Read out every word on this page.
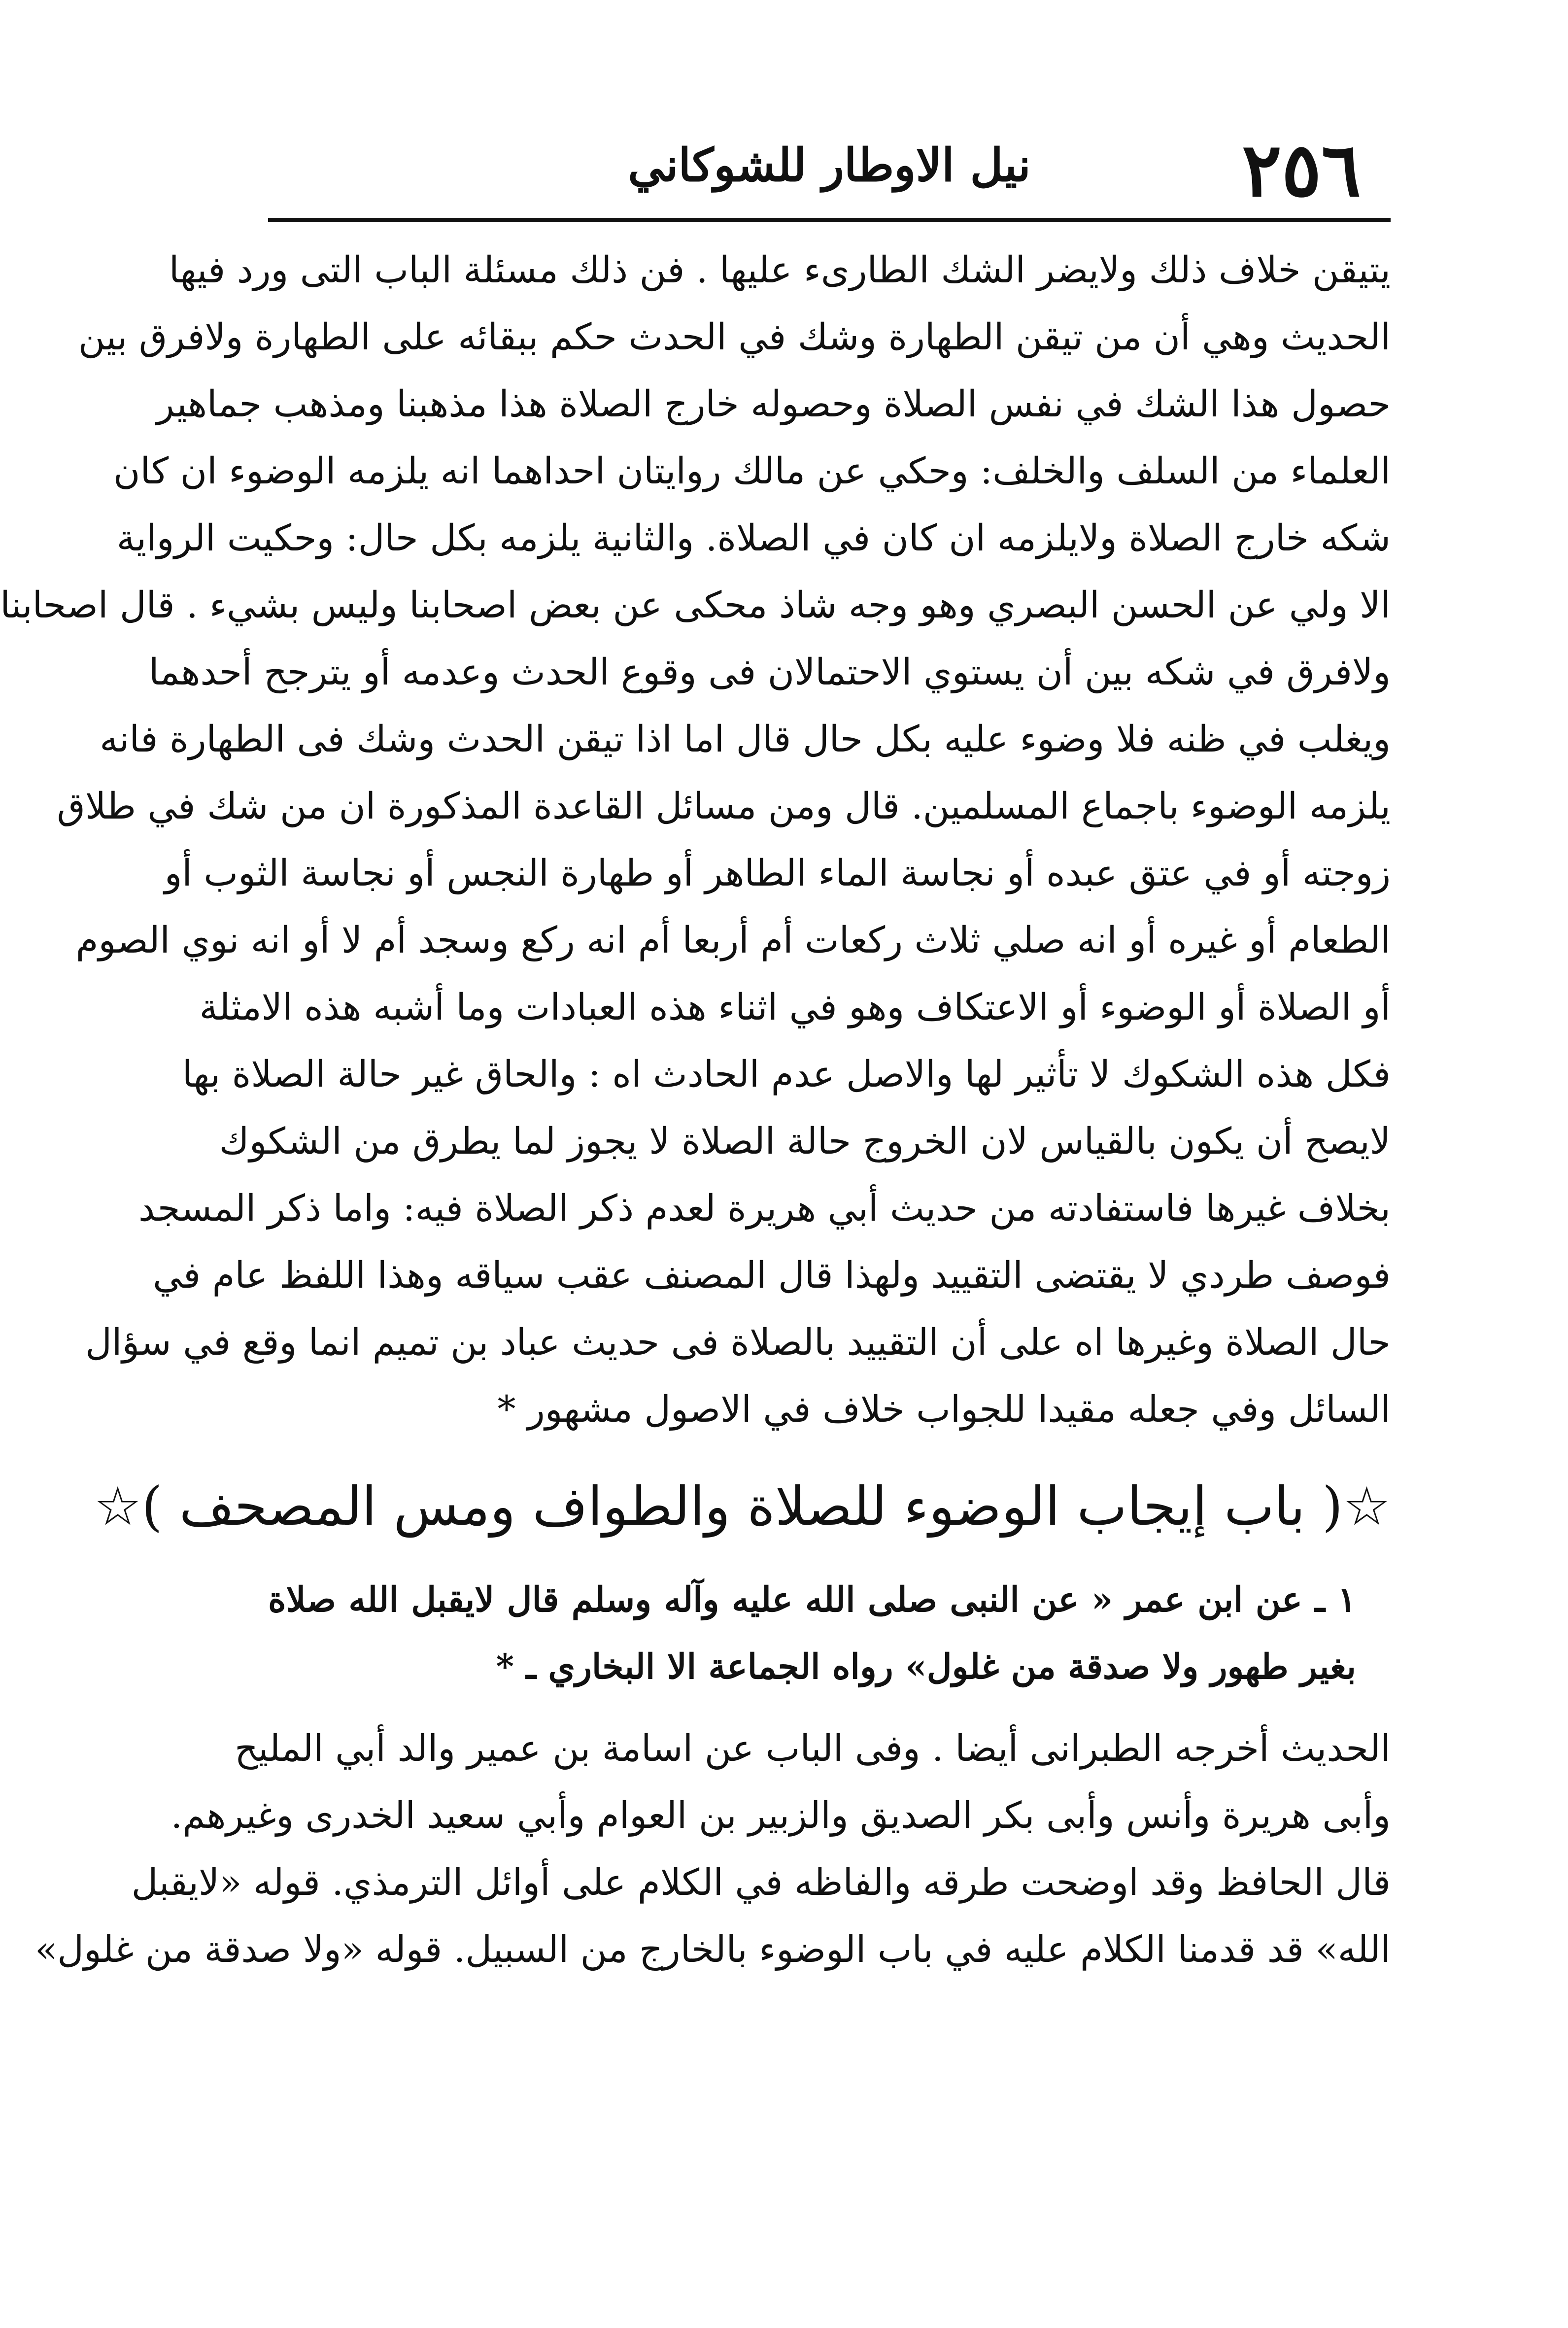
٢٥٦
نيل الاوطار للشوكاني
يتيقن خلاف ذلك ولايضر الشك الطارىء عليها . فن ذلك مسئلة الباب التى ورد فيها
الحديث وهي أن من تيقن الطهارة وشك في الحدث حكم ببقائه على الطهارة ولافرق بين
حصول هذا الشك في نفس الصلاة وحصوله خارج الصلاة هذا مذهبنا ومذهب جماهير
العلماء من السلف والخلف: وحكي عن مالك روايتان احداهما انه يلزمه الوضوء ان كان
شكه خارج الصلاة ولايلزمه ان كان في الصلاة. والثانية يلزمه بكل حال: وحكيت الرواية
الا ولي عن الحسن البصري وهو وجه شاذ محكى عن بعض اصحابنا وليس بشيء . قال اصحابنا
ولافرق في شكه بين أن يستوي الاحتمالان فى وقوع الحدث وعدمه أو يترجح أحدهما
ويغلب في ظنه فلا وضوء عليه بكل حال قال اما اذا تيقن الحدث وشك فى الطهارة فانه
يلزمه الوضوء باجماع المسلمين. قال ومن مسائل القاعدة المذكورة ان من شك في طلاق
زوجته أو في عتق عبده أو نجاسة الماء الطاهر أو طهارة النجس أو نجاسة الثوب أو
الطعام أو غيره أو انه صلي ثلاث ركعات أم أربعا أم انه ركع وسجد أم لا أو انه نوي الصوم
أو الصلاة أو الوضوء أو الاعتكاف وهو في اثناء هذه العبادات وما أشبه هذه الامثلة
فكل هذه الشكوك لا تأثير لها والاصل عدم الحادث اه : والحاق غير حالة الصلاة بها
لايصح أن يكون بالقياس لان الخروج حالة الصلاة لا يجوز لما يطرق من الشكوك
بخلاف غيرها فاستفادته من حديث أبي هريرة لعدم ذكر الصلاة فيه: واما ذكر المسجد
فوصف طردي لا يقتضى التقييد ولهذا قال المصنف عقب سياقه وهذا اللفظ عام في
حال الصلاة وغيرها اه على أن التقييد بالصلاة فى حديث عباد بن تميم انما وقع في سؤال
السائل وفي جعله مقيدا للجواب خلاف في الاصول مشهور *
☆( باب إيجاب الوضوء للصلاة والطواف ومس المصحف )☆
١ ـ عن ابن عمر « عن النبى صلى الله عليه وآله وسلم قال لايقبل الله صلاة
بغير طهور ولا صدقة من غلول» رواه الجماعة الا البخاري ـ *
الحديث أخرجه الطبرانى أيضا . وفى الباب عن اسامة بن عمير والد أبي المليح
وأبى هريرة وأنس وأبى بكر الصديق والزبير بن العوام وأبي سعيد الخدرى وغيرهم.
قال الحافظ وقد اوضحت طرقه والفاظه في الكلام على أوائل الترمذي. قوله «لايقبل
الله» قد قدمنا الكلام عليه في باب الوضوء بالخارج من السبيل. قوله «ولا صدقة من غلول»
